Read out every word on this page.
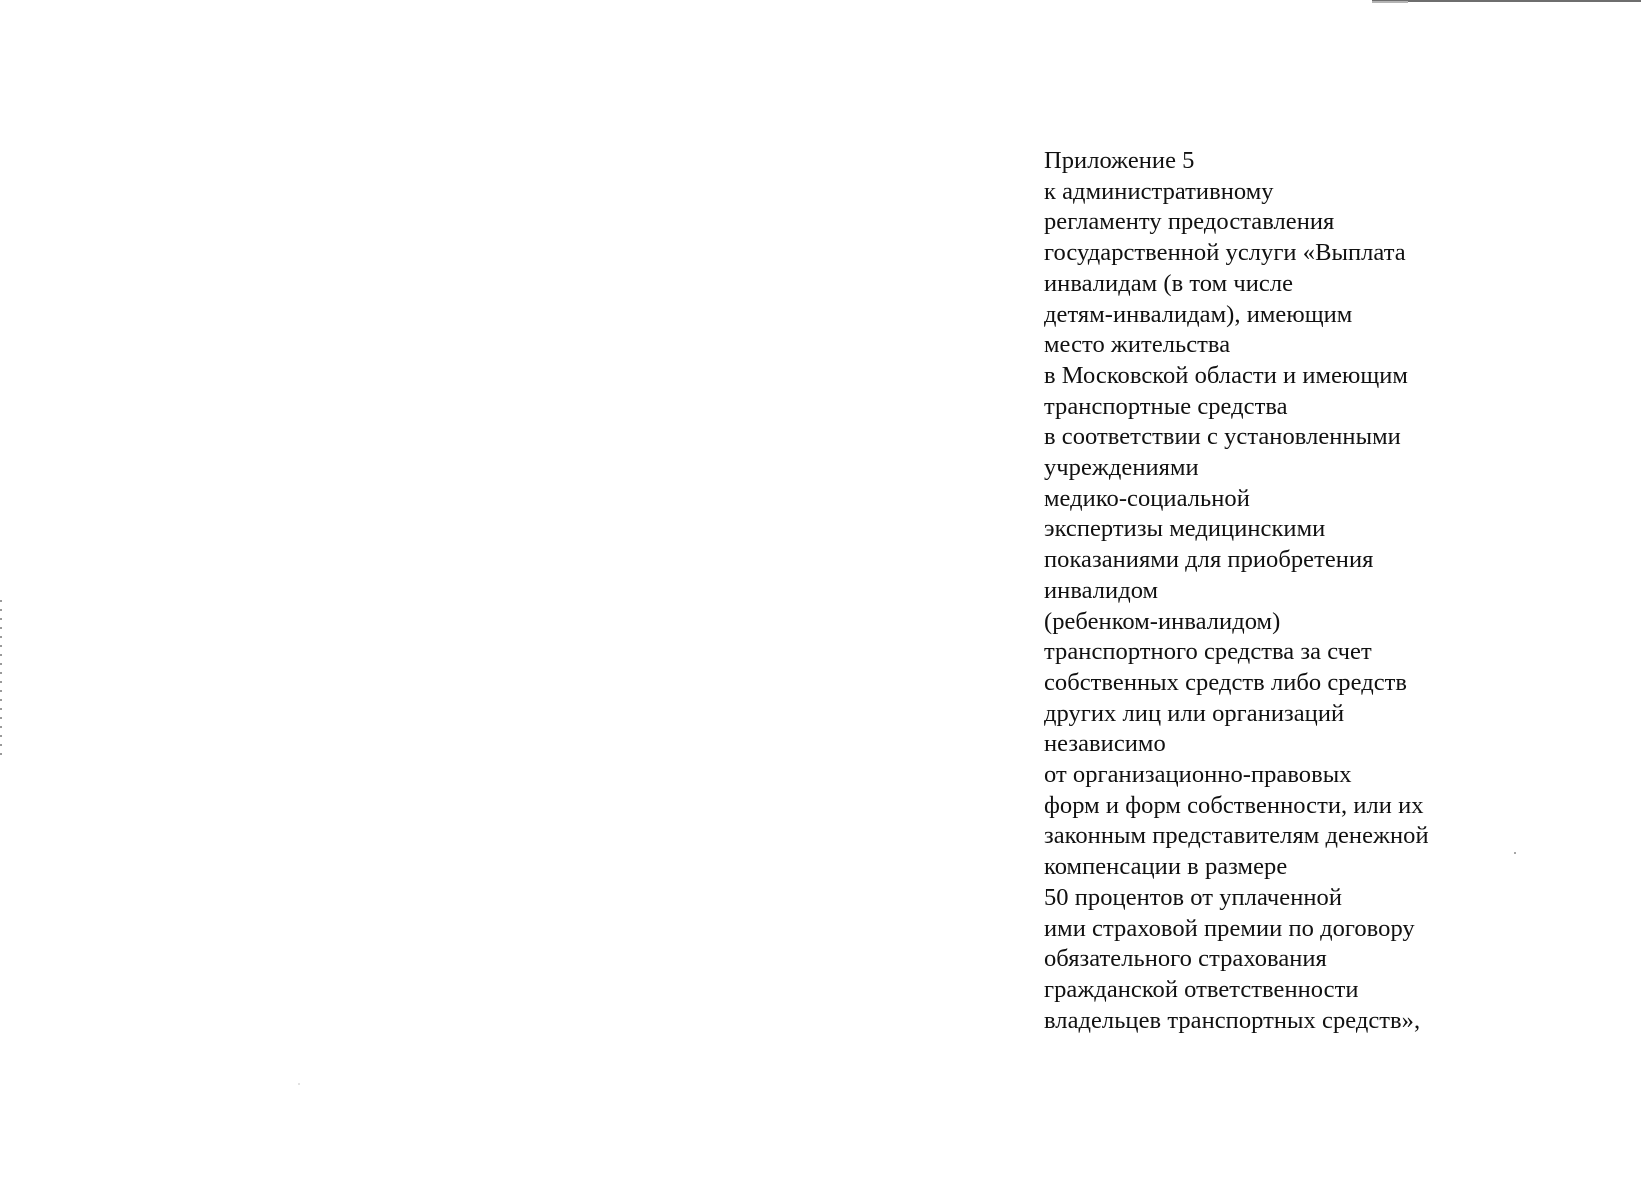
Приложение 5
к административному
регламенту предоставления
государственной услуги «Выплата
инвалидам (в том числе
детям-инвалидам), имеющим
место жительства
в Московской области и имеющим
транспортные средства
в соответствии с установленными
учреждениями
медико-социальной
экспертизы медицинскими
показаниями для приобретения
инвалидом
(ребенком-инвалидом)
транспортного средства за счет
собственных средств либо средств
других лиц или организаций
независимо
от организационно-правовых
форм и форм собственности, или их
законным представителям денежной
компенсации в размере
50 процентов от уплаченной
ими страховой премии по договору
обязательного страхования
гражданской ответственности
владельцев транспортных средств»,
